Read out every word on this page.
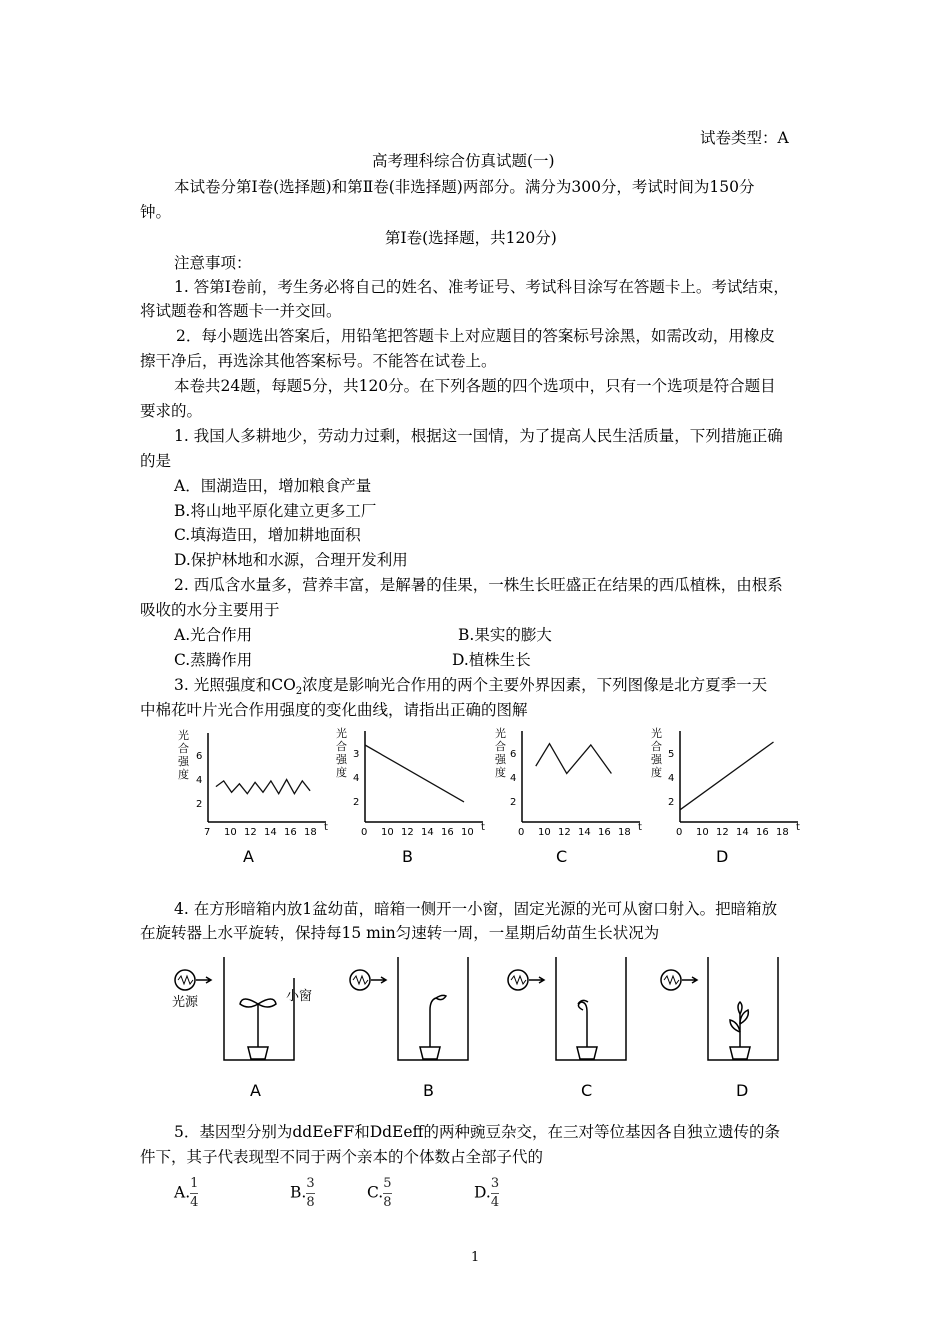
试卷类型：A
高考理科综合仿真试题(一)
本试卷分第Ⅰ卷(选择题)和第Ⅱ卷(非选择题)两部分。满分为300分，考试时间为150分
钟。
第Ⅰ卷(选择题，共120分)
注意事项：
1. 答第Ⅰ卷前，考生务必将自己的姓名、准考证号、考试科目涂写在答题卡上。考试结束，
将试题卷和答题卡一并交回。
2．每小题选出答案后，用铅笔把答题卡上对应题目的答案标号涂黑，如需改动，用橡皮
擦干净后，再选涂其他答案标号。不能答在试卷上。
本卷共24题，每题5分，共120分。在下列各题的四个选项中，只有一个选项是符合题目
要求的。
1. 我国人多耕地少，劳动力过剩，根据这一国情，为了提高人民生活质量，下列措施正确
的是
A．围湖造田，增加粮食产量
B.将山地平原化建立更多工厂
C.填海造田，增加耕地面积
D.保护林地和水源，合理开发利用
2. 西瓜含水量多，营养丰富，是解暑的佳果，一株生长旺盛正在结果的西瓜植株，由根系
吸收的水分主要用于
A.光合作用	B.果实的膨大
C.蒸腾作用	D.植株生长
3. 光照强度和$CO_2$浓度是影响光合作用的两个主要外界因素，下列图像是北方夏季一天
中棉花叶片光合作用强度的变化曲线，请指出正确的图解
光
合
强
度
6
4
2
7 10 12 14 16 18 t
A
光
合
强
度
3
4
2
0 10 12 14 16 10 t
B
光
合
强
度
6
4
2
0 10 12 14 16 18 t
C
光
合
强
度
5
4
2
0 10 12 14 16 18 t
D
4. 在方形暗箱内放1盆幼苗，暗箱一侧开一小窗，固定光源的光可从窗口射入。把暗箱放
在旋转器上水平旋转，保持每15 min匀速转一周，一星期后幼苗生长状况为
光源	小窗
A	B	C	D
5．基因型分别为ddEeFF和DdEeff的两种豌豆杂交，在三对等位基因各自独立遗传的条
件下，其子代表现型不同于两个亲本的个体数占全部子代的
A. $\frac{1}{4}$	B. $\frac{3}{8}$	C. $\frac{5}{8}$	D. $\frac{3}{4}$
1
